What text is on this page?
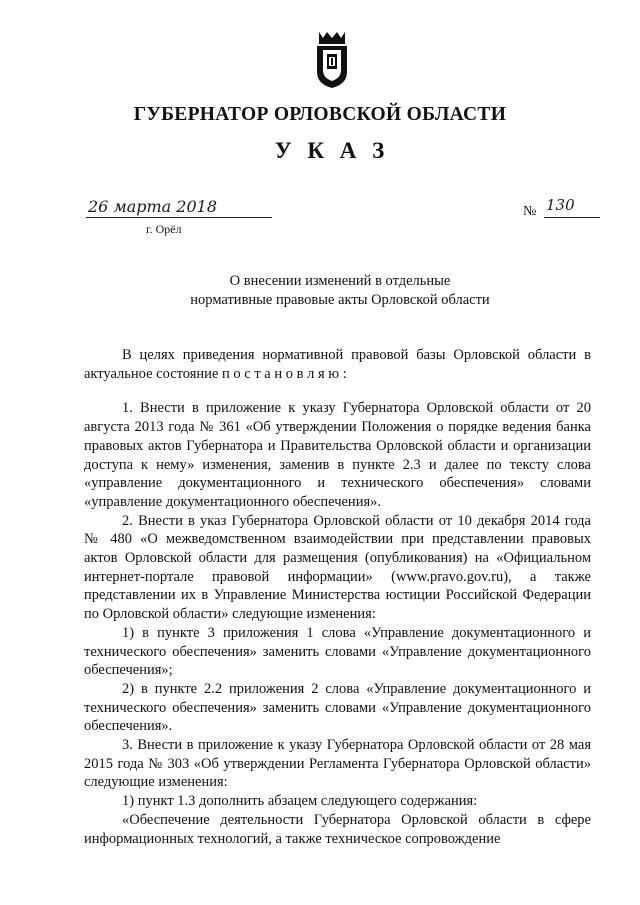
ГУБЕРНАТОР ОРЛОВСКОЙ ОБЛАСТИ
У К А З
26 марта 2018	№ 130
г. Орёл
О внесении изменений в отдельные
нормативные правовые акты Орловской области

В целях приведения нормативной правовой базы Орловской области в актуальное состояние п о с т а н о в л я ю :

1. Внести в приложение к указу Губернатора Орловской области от 20 августа 2013 года № 361 «Об утверждении Положения о порядке ведения банка правовых актов Губернатора и Правительства Орловской области и организации доступа к нему» изменения, заменив в пункте 2.3 и далее по тексту слова «управление документационного и технического обеспечения» словами «управление документационного обеспечения».

2. Внести в указ Губернатора Орловской области от 10 декабря 2014 года № 480 «О межведомственном взаимодействии при представлении правовых актов Орловской области для размещения (опубликования) на «Официальном интернет-портале правовой информации» (www.pravo.gov.ru), а также представлении их в Управление Министерства юстиции Российской Федерации по Орловской области» следующие изменения:

1) в пункте 3 приложения 1 слова «Управление документационного и технического обеспечения» заменить словами «Управление документационного обеспечения»;

2) в пункте 2.2 приложения 2 слова «Управление документационного и технического обеспечения» заменить словами «Управление документационного обеспечения».

3. Внести в приложение к указу Губернатора Орловской области от 28 мая 2015 года № 303 «Об утверждении Регламента Губернатора Орловской области» следующие изменения:

1) пункт 1.3 дополнить абзацем следующего содержания:

«Обеспечение деятельности Губернатора Орловской области в сфере информационных технологий, а также техническое сопровождение
